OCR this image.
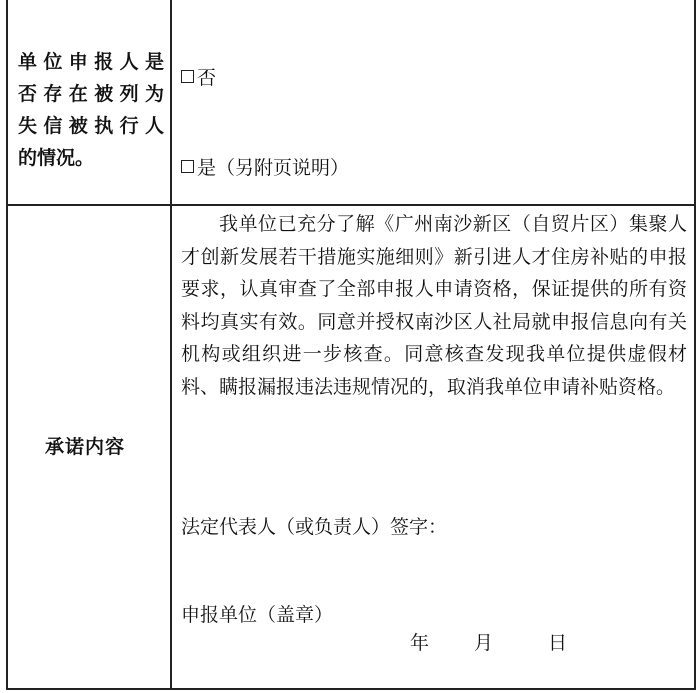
单位申报人是
否存在被列为
失信被执行人
的情况。
否
是（另附页说明）
承诺内容

我单位已充分了解《广州南沙新区（自贸片区）集聚人才创新发展若干措施实施细则》新引进人才住房补贴的申报要求，认真审查了全部申报人申请资格，保证提供的所有资料均真实有效。同意并授权南沙区人社局就申报信息向有关机构或组织进一步核查。同意核查发现我单位提供虚假材料、瞒报漏报违法违规情况的，取消我单位申请补贴资格。

法定代表人（或负责人）签字：
申报单位（盖章）
年 月	日
